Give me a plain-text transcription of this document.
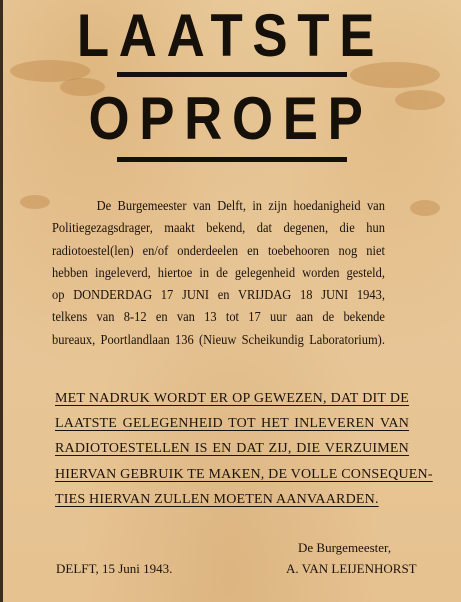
LAATSTE
OPROEP
De Burgemeester van Delft, in zijn hoedanigheid van
Politiegezagsdrager, maakt bekend, dat degenen, die hun
radiotoestel(len) en/of onderdeelen en toebehooren nog niet
hebben ingeleverd, hiertoe in de gelegenheid worden gesteld,
op DONDERDAG 17 JUNI en VRIJDAG 18 JUNI 1943,
telkens van 8-12 en van 13 tot 17 uur aan de bekende
bureaux, Poortlandlaan 136 (Nieuw Scheikundig Laboratorium).
MET NADRUK WORDT ER OP GEWEZEN, DAT DIT DE
LAATSTE GELEGENHEID TOT HET INLEVEREN VAN
RADIOTOESTELLEN IS EN DAT ZIJ, DIE VERZUIMEN
HIERVAN GEBRUIK TE MAKEN, DE VOLLE CONSEQUEN-
TIES HIERVAN ZULLEN MOETEN AANVAARDEN.
De Burgemeester,
DELFT, 15 Juni 1943.	A. VAN LEIJENHORST
